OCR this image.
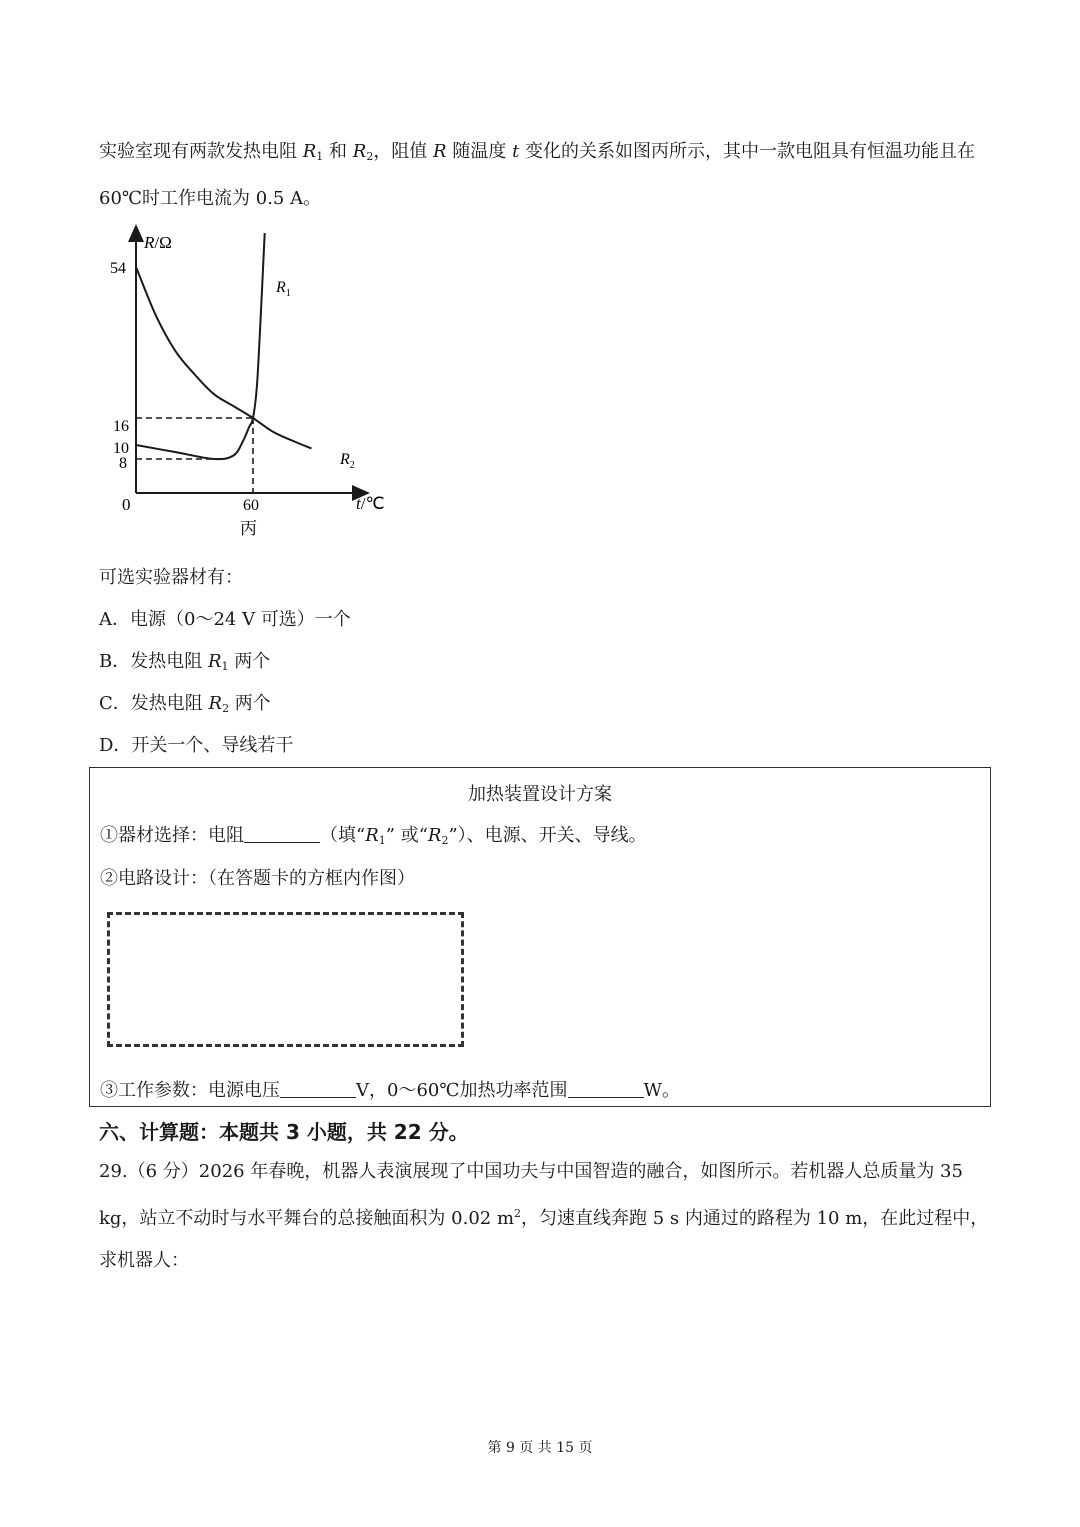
实验室现有两款发热电阻 $R_1$ 和 $R_2$，阻值 R 随温度 t 变化的关系如图丙所示，其中一款电阻具有恒温功能且在 60℃时工作电流为 0.5 A。

R/Ω
t/℃
0
54
16
10
8
60
丙
$R_1$
$R_2$
可选实验器材有：
A．电源（0～24 V 可选）一个
B．发热电阻 $R_1$ 两个
C．发热电阻 $R_2$ 两个
D．开关一个、导线若干
加热装置设计方案
①器材选择：电阻	（填“$R_1$” 或“$R_2$”）、电源、开关、导线。
②电路设计：（在答题卡的方框内作图）
③工作参数：电源电压	V，0～60℃加热功率范围	W。
六、计算题：本题共 3 小题，共 22 分。

29.（6 分）2026 年春晚，机器人表演展现了中国功夫与中国智造的融合，如图所示。若机器人总质量为 35 kg，站立不动时与水平舞台的总接触面积为 0.02 $m^2$，匀速直线奔跑 5 s 内通过的路程为 10 m，在此过程中，求机器人：

第 9 页 共 15 页
